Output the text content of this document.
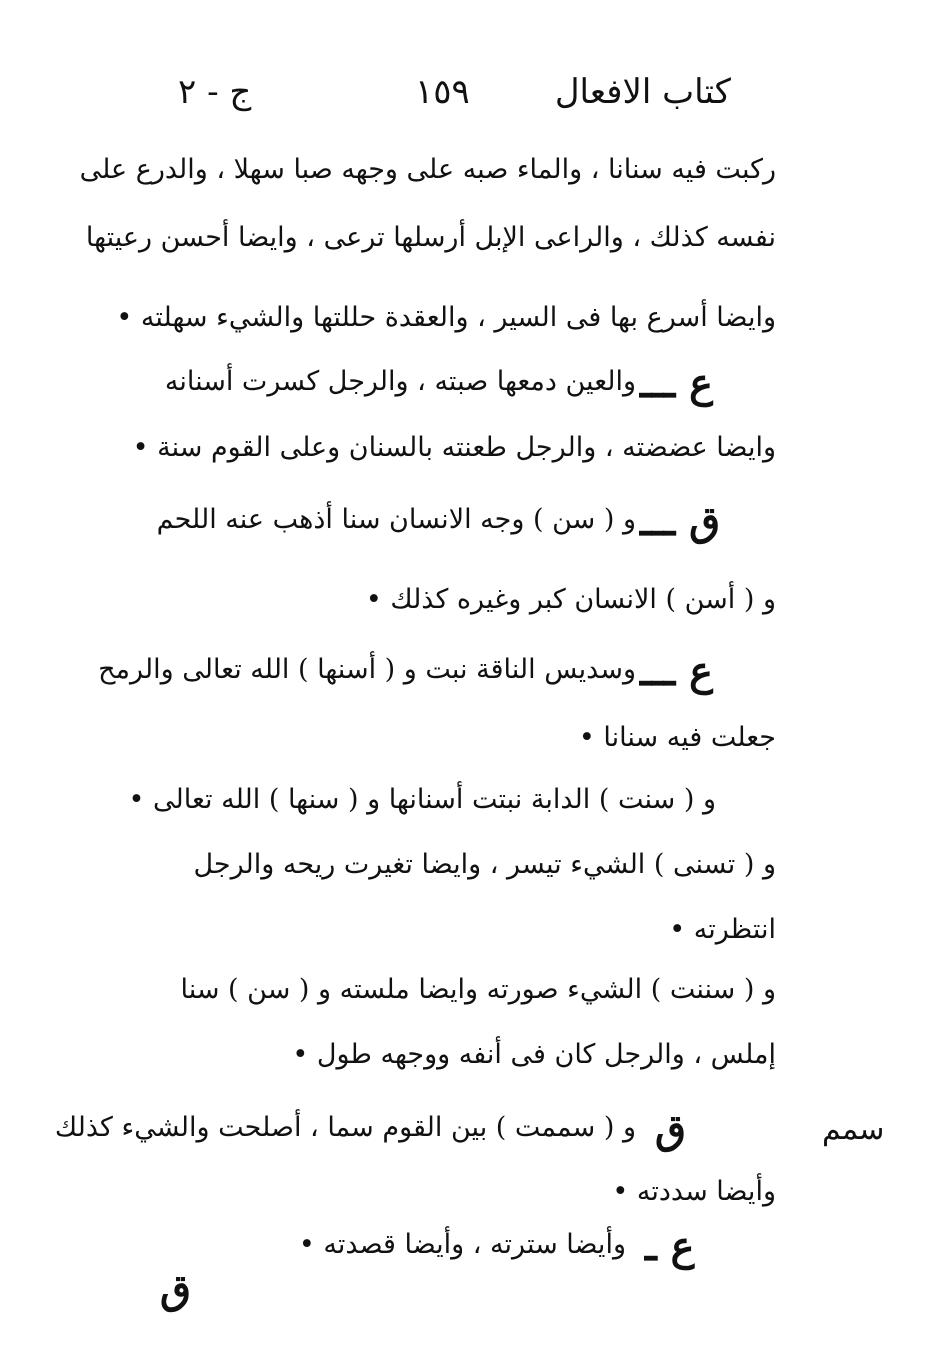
كتاب الافعال
١٥٩
ج - ٢
ركبت فيه سنانا ، والماء صبه على وجهه صبا سهلا ، والدرع على
نفسه كذلك ، والراعى الإبل أرسلها ترعى ، وايضا أحسن رعيتها
وايضا أسرع بها فى السير ، والعقدة حللتها والشيء سهلته •
ع ـــ
والعين دمعها صبته ، والرجل كسرت أسنانه
وايضا عضضته ، والرجل طعنته بالسنان وعلى القوم سنة •
ق ـــ
و ( سن ) وجه الانسان سنا أذهب عنه اللحم
و ( أسن ) الانسان كبر وغيره كذلك •
ع ـــ
وسديس الناقة نبت و ( أسنها ) الله تعالى والرمح
جعلت فيه سنانا •
و ( سنت ) الدابة نبتت أسنانها و ( سنها ) الله تعالى •
و ( تسنى ) الشيء تيسر ، وايضا تغيرت ريحه والرجل
انتظرته •
و ( سننت ) الشيء صورته وايضا ملسته و ( سن ) سنا
إملس ، والرجل كان فى أنفه ووجهه طول •
ق
و ( سممت ) بين القوم سما ، أصلحت والشيء كذلك	سمم
وأيضا سددته •
ع ـ
وأيضا سترته ، وأيضا قصدته •
ق
